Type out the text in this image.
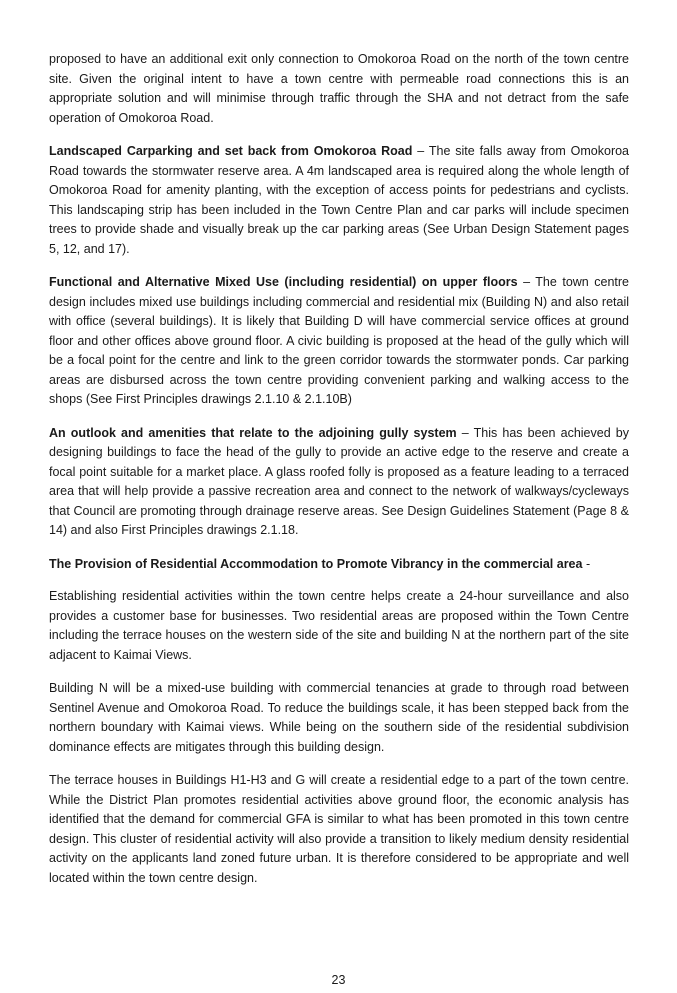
proposed to have an additional exit only connection to Omokoroa Road on the north of the town centre site. Given the original intent to have a town centre with permeable road connections this is an appropriate solution and will minimise through traffic through the SHA and not detract from the safe operation of Omokoroa Road.

Landscaped Carparking and set back from Omokoroa Road – The site falls away from Omokoroa Road towards the stormwater reserve area. A 4m landscaped area is required along the whole length of Omokoroa Road for amenity planting, with the exception of access points for pedestrians and cyclists. This landscaping strip has been included in the Town Centre Plan and car parks will include specimen trees to provide shade and visually break up the car parking areas (See Urban Design Statement pages 5, 12, and 17).

Functional and Alternative Mixed Use (including residential) on upper floors – The town centre design includes mixed use buildings including commercial and residential mix (Building N) and also retail with office (several buildings). It is likely that Building D will have commercial service offices at ground floor and other offices above ground floor. A civic building is proposed at the head of the gully which will be a focal point for the centre and link to the green corridor towards the stormwater ponds. Car parking areas are disbursed across the town centre providing convenient parking and walking access to the shops (See First Principles drawings 2.1.10 & 2.1.10B)

An outlook and amenities that relate to the adjoining gully system – This has been achieved by designing buildings to face the head of the gully to provide an active edge to the reserve and create a focal point suitable for a market place. A glass roofed folly is proposed as a feature leading to a terraced area that will help provide a passive recreation area and connect to the network of walkways/cycleways that Council are promoting through drainage reserve areas. See Design Guidelines Statement (Page 8 & 14) and also First Principles drawings 2.1.18.

The Provision of Residential Accommodation to Promote Vibrancy in the commercial area -

Establishing residential activities within the town centre helps create a 24-hour surveillance and also provides a customer base for businesses. Two residential areas are proposed within the Town Centre including the terrace houses on the western side of the site and building N at the northern part of the site adjacent to Kaimai Views.

Building N will be a mixed-use building with commercial tenancies at grade to through road between Sentinel Avenue and Omokoroa Road. To reduce the buildings scale, it has been stepped back from the northern boundary with Kaimai views. While being on the southern side of the residential subdivision dominance effects are mitigates through this building design.

The terrace houses in Buildings H1-H3 and G will create a residential edge to a part of the town centre. While the District Plan promotes residential activities above ground floor, the economic analysis has identified that the demand for commercial GFA is similar to what has been promoted in this town centre design. This cluster of residential activity will also provide a transition to likely medium density residential activity on the applicants land zoned future urban. It is therefore considered to be appropriate and well located within the town centre design.

23
